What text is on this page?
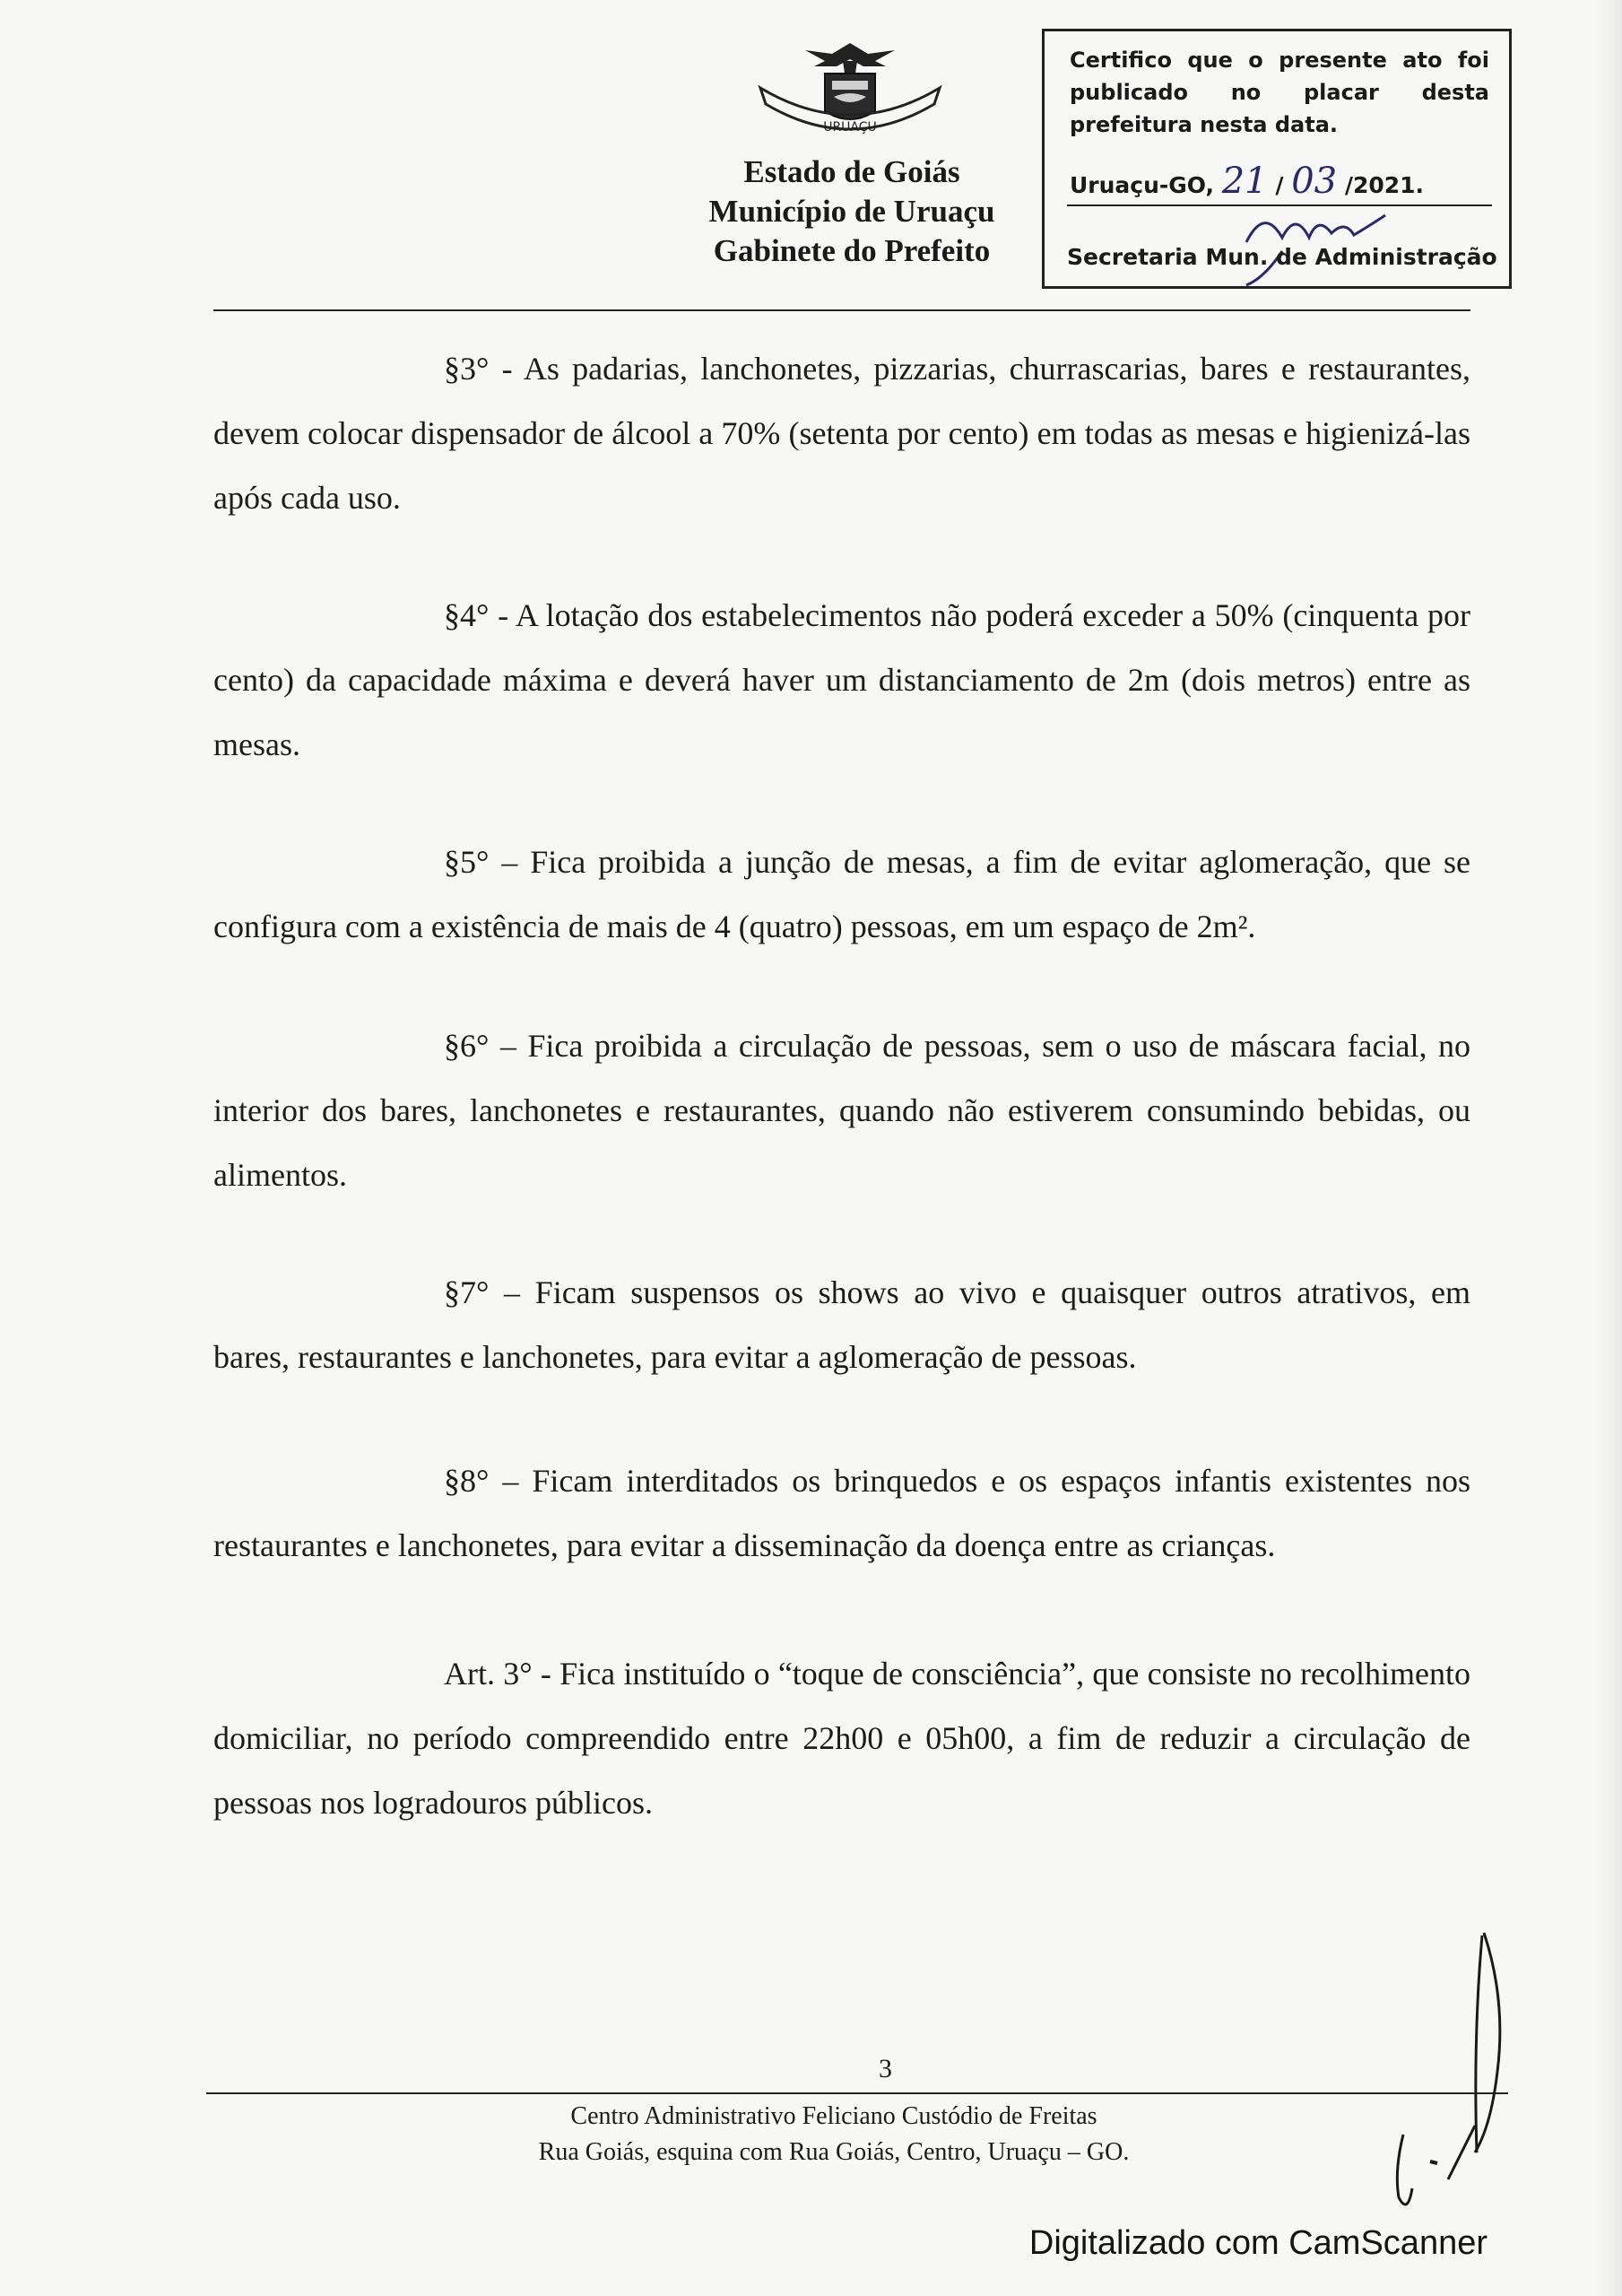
URUAÇU
Estado de Goiás
Município de Uruaçu
Gabinete do Prefeito
Certifico que o presente ato foi
publicado no placar desta
prefeitura nesta data.
Uruaçu-GO, 21 / 03 /2021.
Secretaria Mun. de Administração
§3° - As padarias, lanchonetes, pizzarias, churrascarias, bares e restaurantes, devem colocar dispensador de álcool a 70% (setenta por cento) em todas as mesas e higienizá-las após cada uso.
§4° - A lotação dos estabelecimentos não poderá exceder a 50% (cinquenta por cento) da capacidade máxima e deverá haver um distanciamento de 2m (dois metros) entre as mesas.
§5° – Fica proibida a junção de mesas, a fim de evitar aglomeração, que se configura com a existência de mais de 4 (quatro) pessoas, em um espaço de 2m².
§6° – Fica proibida a circulação de pessoas, sem o uso de máscara facial, no interior dos bares, lanchonetes e restaurantes, quando não estiverem consumindo bebidas, ou alimentos.
§7° – Ficam suspensos os shows ao vivo e quaisquer outros atrativos, em bares, restaurantes e lanchonetes, para evitar a aglomeração de pessoas.
§8° – Ficam interditados os brinquedos e os espaços infantis existentes nos restaurantes e lanchonetes, para evitar a disseminação da doença entre as crianças.
Art. 3° - Fica instituído o “toque de consciência”, que consiste no recolhimento domiciliar, no período compreendido entre 22h00 e 05h00, a fim de reduzir a circulação de pessoas nos logradouros públicos.
3
Centro Administrativo Feliciano Custódio de Freitas
Rua Goiás, esquina com Rua Goiás, Centro, Uruaçu – GO.
Digitalizado com CamScanner
